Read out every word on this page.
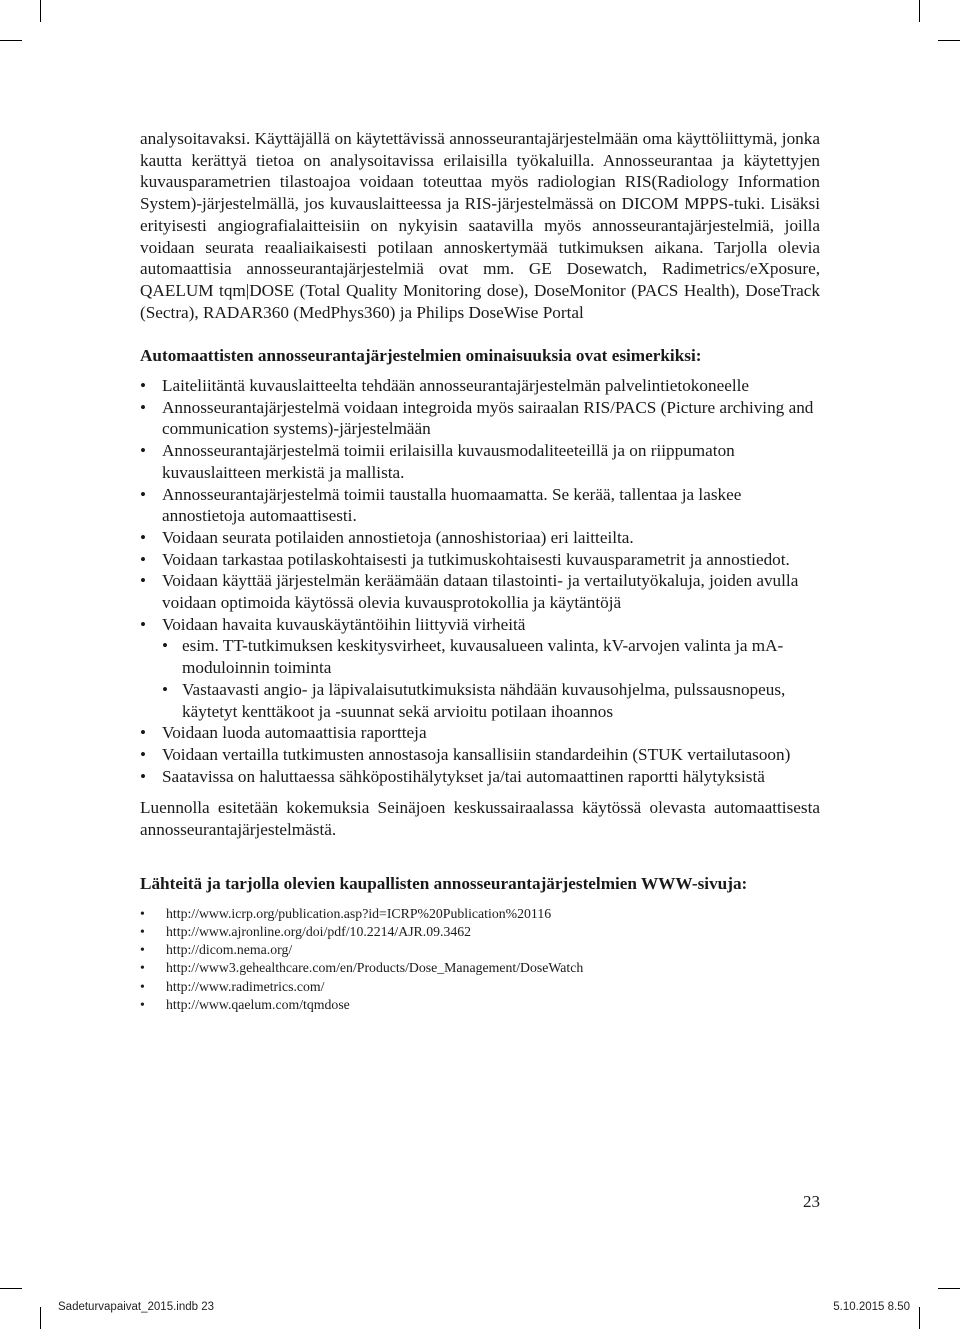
analysoitavaksi. Käyttäjällä on käytettävissä annosseurantajärjestelmään oma käyttöliittymä, jonka kautta kerättyä tietoa on analysoitavissa erilaisilla työkaluilla. Annosseurantaa ja käytettyjen kuvausparametrien tilastoajoa voidaan toteuttaa myös radiologian RIS(Radiology Information System)-järjestelmällä, jos kuvauslaitteessa ja RIS-järjestelmässä on DICOM MPPS-tuki. Lisäksi erityisesti angiografialaitteisiin on nykyisin saatavilla myös annosseurantajärjestelmiä, joilla voidaan seurata reaaliaikaisesti potilaan annoskertymää tutkimuksen aikana. Tarjolla olevia automaattisia annosseurantajärjestelmiä ovat mm. GE Dosewatch, Radimetrics/eXposure, QAELUM tqm|DOSE (Total Quality Monitoring dose), DoseMonitor (PACS Health), DoseTrack (Sectra), RADAR360 (MedPhys360) ja Philips DoseWise Portal

Automaattisten annosseurantajärjestelmien ominaisuuksia ovat esimerkiksi:

• Laiteliitäntä kuvauslaitteelta tehdään annosseurantajärjestelmän palvelintietokoneelle
• Annosseurantajärjestelmä voidaan integroida myös sairaalan RIS/PACS (Picture archiving and communication systems)-järjestelmään
• Annosseurantajärjestelmä toimii erilaisilla kuvausmodaliteeteillä ja on riippumaton kuvauslaitteen merkistä ja mallista.
• Annosseurantajärjestelmä toimii taustalla huomaamatta. Se kerää, tallentaa ja laskee annostietoja automaattisesti.
• Voidaan seurata potilaiden annostietoja (annoshistoriaa) eri laitteilta.
• Voidaan tarkastaa potilaskohtaisesti ja tutkimuskohtaisesti kuvausparametrit ja annostiedot.
• Voidaan käyttää järjestelmän keräämään dataan tilastointi- ja vertailutyökaluja, joiden avulla voidaan optimoida käytössä olevia kuvausprotokollia ja käytäntöjä
• Voidaan havaita kuvauskäytäntöihin liittyviä virheitä
• esim. TT-tutkimuksen keskitysvirheet, kuvausalueen valinta, kV-arvojen valinta ja mA-moduloinnin toiminta
• Vastaavasti angio- ja läpivalaisututkimuksista nähdään kuvausohjelma, pulssausnopeus, käytetyt kenttäkoot ja -suunnat sekä arvioitu potilaan ihoannos
• Voidaan luoda automaattisia raportteja
• Voidaan vertailla tutkimusten annostasoja kansallisiin standardeihin (STUK vertailutasoon)
• Saatavissa on haluttaessa sähköpostihälytykset ja/tai automaattinen raportti hälytyksistä

Luennolla esitetään kokemuksia Seinäjoen keskussairaalassa käytössä olevasta automaattisesta annosseurantajärjestelmästä.

Lähteitä ja tarjolla olevien kaupallisten annosseurantajärjestelmien WWW-sivuja:

• http://www.icrp.org/publication.asp?id=ICRP%20Publication%20116
• http://www.ajronline.org/doi/pdf/10.2214/AJR.09.3462
• http://dicom.nema.org/
• http://www3.gehealthcare.com/en/Products/Dose_Management/DoseWatch
• http://www.radimetrics.com/
• http://www.qaelum.com/tqmdose
23
Sadeturvapaivat_2015.indb 23	5.10.2015 8.50
